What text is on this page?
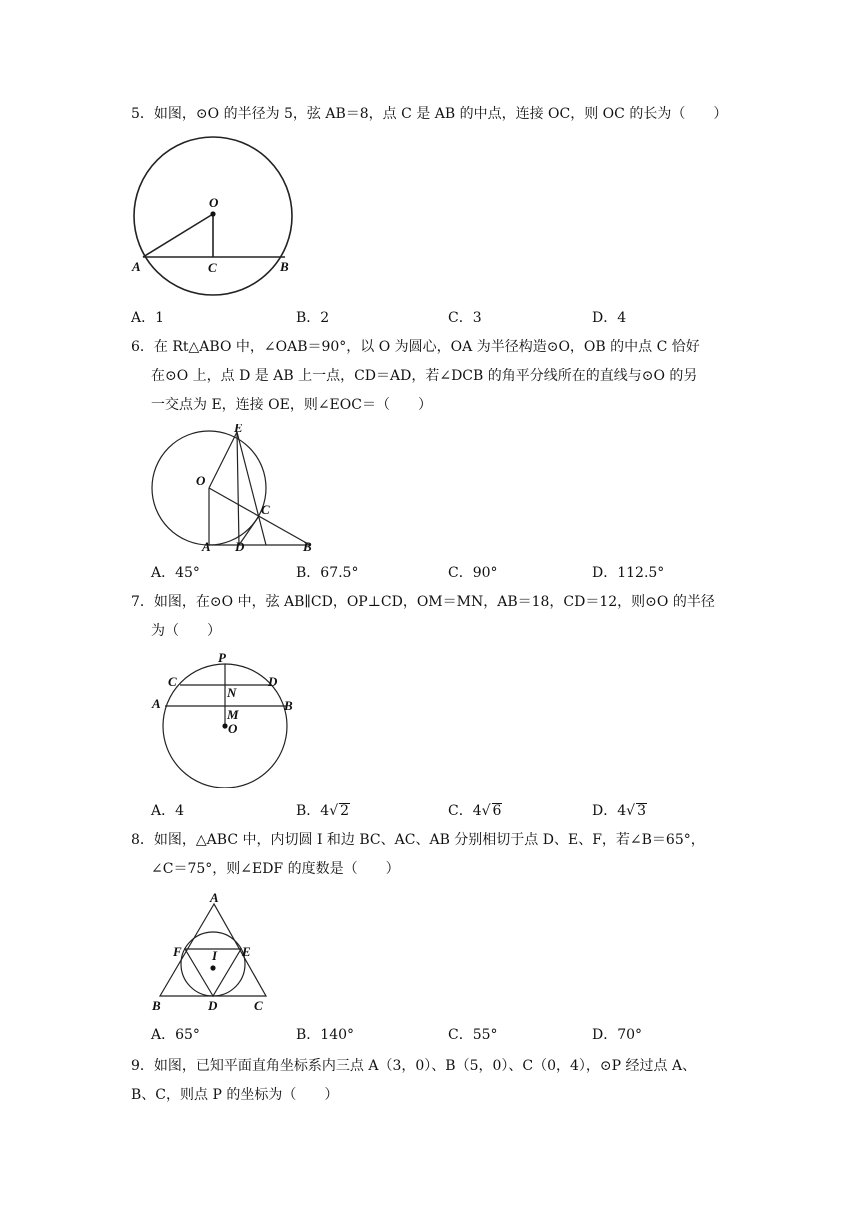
5．如图，⊙O 的半径为 5，弦 AB＝8，点 C 是 AB 的中点，连接 OC，则 OC 的长为（　　）
O
A	C	B
A．1	B．2	C．3	D．4
6．在 Rt△ABO 中，∠OAB＝90°，以 O 为圆心，OA 为半径构造⊙O，OB 的中点 C 恰好
在⊙O 上，点 D 是 AB 上一点，CD＝AD，若∠DCB 的角平分线所在的直线与⊙O 的另
一交点为 E，连接 OE，则∠EOC＝（　　）
E
O
C
A D	B
A．45°	B．67.5°	C．90°	D．112.5°
7．如图，在⊙O 中，弦 AB∥CD，OP⊥CD，OM＝MN，AB＝18，CD＝12，则⊙O 的半径
为（　　）
P
C	D
N
A	B
M
O
A．4	B．4√ 2	C．4√ 6	D．4√ 3
8．如图，△ABC 中，内切圆 I 和边 BC、AC、AB 分别相切于点 D、E、F，若∠B＝65°，
∠C＝75°，则∠EDF 的度数是（　　）
A
F	E
I
B	D	C
A．65°	B．140°	C．55°	D．70°
9．如图，已知平面直角坐标系内三点 A（3，0）、B（5，0）、C（0，4），⊙P 经过点 A、
B、C，则点 P 的坐标为（　　）
